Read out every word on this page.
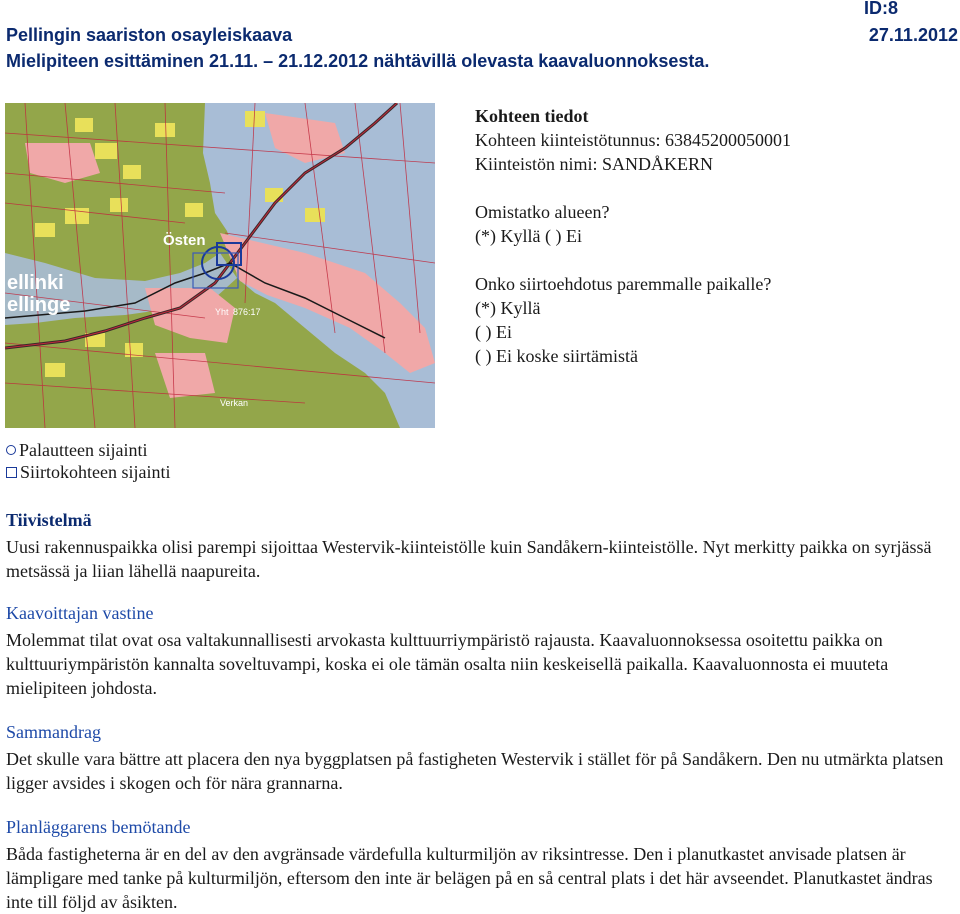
Pellingin saariston osayleiskaava
Mielipiteen esittäminen 21.11. – 21.12.2012 nähtävillä olevasta kaavaluonnoksesta.
ID:8
27.11.2012
ellinki
ellinge
Östen
Yht 876:17
Verkan
Kohteen tiedot
Kohteen kiinteistötunnus: 63845200050001
Kiinteistön nimi: SANDÅKERN
Omistatko alueen?
(*) Kyllä ( ) Ei
Onko siirtoehdotus paremmalle paikalle?
(*) Kyllä
( ) Ei
( ) Ei koske siirtämistä
Palautteen sijainti
Siirtokohteen sijainti
Tiivistelmä
Uusi rakennuspaikka olisi parempi sijoittaa Westervik-kiinteistölle kuin Sandåkern-kiinteistölle. Nyt merkitty paikka on syrjässä metsässä ja liian lähellä naapureita.
Kaavoittajan vastine
Molemmat tilat ovat osa valtakunnallisesti arvokasta kulttuurriympäristö rajausta. Kaavaluonnoksessa osoitettu paikka on kulttuuriympäristön kannalta soveltuvampi, koska ei ole tämän osalta niin keskeisellä paikalla. Kaavaluonnosta ei muuteta mielipiteen johdosta.
Sammandrag
Det skulle vara bättre att placera den nya byggplatsen på fastigheten Westervik i stället för på Sandåkern. Den nu utmärkta platsen ligger avsides i skogen och för nära grannarna.
Planläggarens bemötande
Båda fastigheterna är en del av den avgränsade värdefulla kulturmiljön av riksintresse. Den i planutkastet anvisade platsen är lämpligare med tanke på kulturmiljön, eftersom den inte är belägen på en så central plats i det här avseendet. Planutkastet ändras inte till följd av åsikten.
